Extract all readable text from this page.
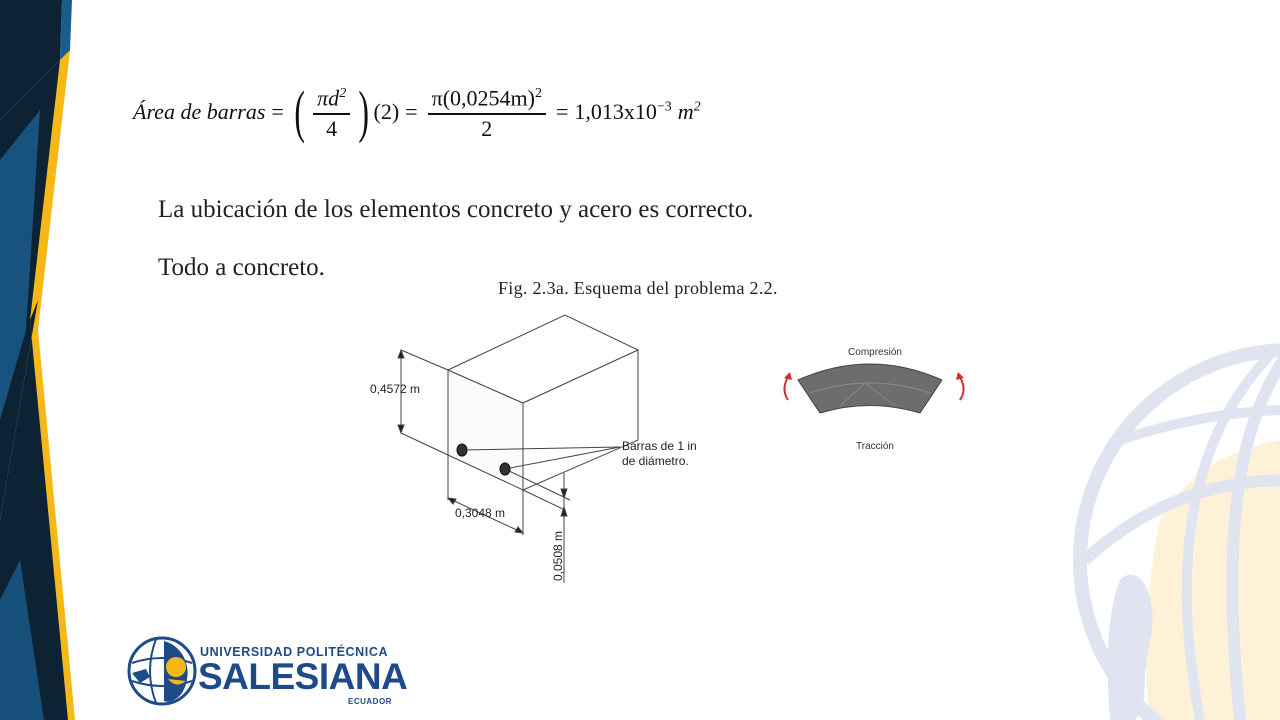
Área de barras = ( $\frac{\pi d^2}{4}$ ) $(2) = \frac{\pi(0,0254m)^2}{2} = 1,013x10^{-3}$ $m^2$
La ubicación de los elementos concreto y acero es correcto.
Todo a concreto.
Fig. 2.3a. Esquema del problema 2.2.
0,4572 m
0,3048 m
0,0508 m
Barras de 1 in
de diámetro.
Compresión
Tracción
UNIVERSIDAD POLITÉCNICA
SALESIANA
ECUADOR
